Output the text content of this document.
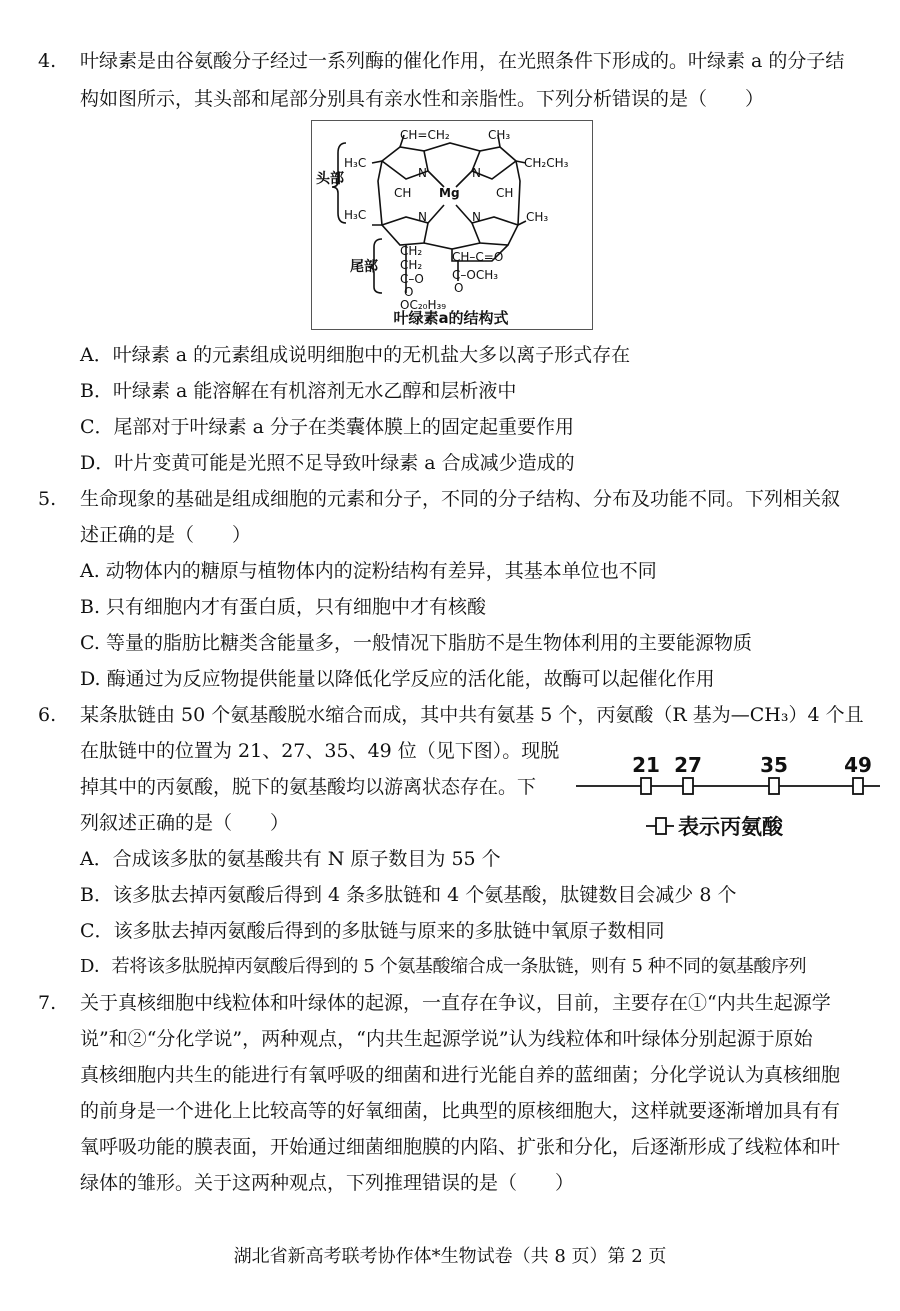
4. 叶绿素是由谷氨酸分子经过一系列酶的催化作用，在光照条件下形成的。叶绿素 a 的分子结
构如图所示，其头部和尾部分别具有亲水性和亲脂性。下列分析错误的是（　　）
CH=CH₂	CH₃
CH₂CH₃
H₃C
H₃C	CH₃
Mg
N	N
N	N
CH	CH
CH₂
CH₂
C–O
O
OC₂₀H₃₉
CH–C=O
C–OCH₃
O
头部
尾部
叶绿素a的结构式
A．叶绿素 a 的元素组成说明细胞中的无机盐大多以离子形式存在
B．叶绿素 a 能溶解在有机溶剂无水乙醇和层析液中
C．尾部对于叶绿素 a 分子在类囊体膜上的固定起重要作用
D．叶片变黄可能是光照不足导致叶绿素 a 合成减少造成的
5. 生命现象的基础是组成细胞的元素和分子，不同的分子结构、分布及功能不同。下列相关叙
述正确的是（　　）
A. 动物体内的糖原与植物体内的淀粉结构有差异，其基本单位也不同
B. 只有细胞内才有蛋白质，只有细胞中才有核酸
C. 等量的脂肪比糖类含能量多，一般情况下脂肪不是生物体利用的主要能源物质
D. 酶通过为反应物提供能量以降低化学反应的活化能，故酶可以起催化作用
6. 某条肽链由 50 个氨基酸脱水缩合而成，其中共有氨基 5 个，丙氨酸（R 基为—CH₃）4 个且
在肽链中的位置为 21、27、35、49 位（见下图）。现脱
掉其中的丙氨酸，脱下的氨基酸均以游离状态存在。下
列叙述正确的是（　　）
21 27	35	49
表示丙氨酸
A．合成该多肽的氨基酸共有 N 原子数目为 55 个
B．该多肽去掉丙氨酸后得到 4 条多肽链和 4 个氨基酸，肽键数目会减少 8 个
C．该多肽去掉丙氨酸后得到的多肽链与原来的多肽链中氧原子数相同
D．若将该多肽脱掉丙氨酸后得到的 5 个氨基酸缩合成一条肽链，则有 5 种不同的氨基酸序列
7. 关于真核细胞中线粒体和叶绿体的起源，一直存在争议，目前，主要存在①“内共生起源学
说”和②“分化学说”，两种观点，“内共生起源学说”认为线粒体和叶绿体分别起源于原始
真核细胞内共生的能进行有氧呼吸的细菌和进行光能自养的蓝细菌；分化学说认为真核细胞
的前身是一个进化上比较高等的好氧细菌，比典型的原核细胞大，这样就要逐渐增加具有有
氧呼吸功能的膜表面，开始通过细菌细胞膜的内陷、扩张和分化，后逐渐形成了线粒体和叶
绿体的雏形。关于这两种观点，下列推理错误的是（　　）
湖北省新高考联考协作体*生物试卷（共 8 页）第 2 页
